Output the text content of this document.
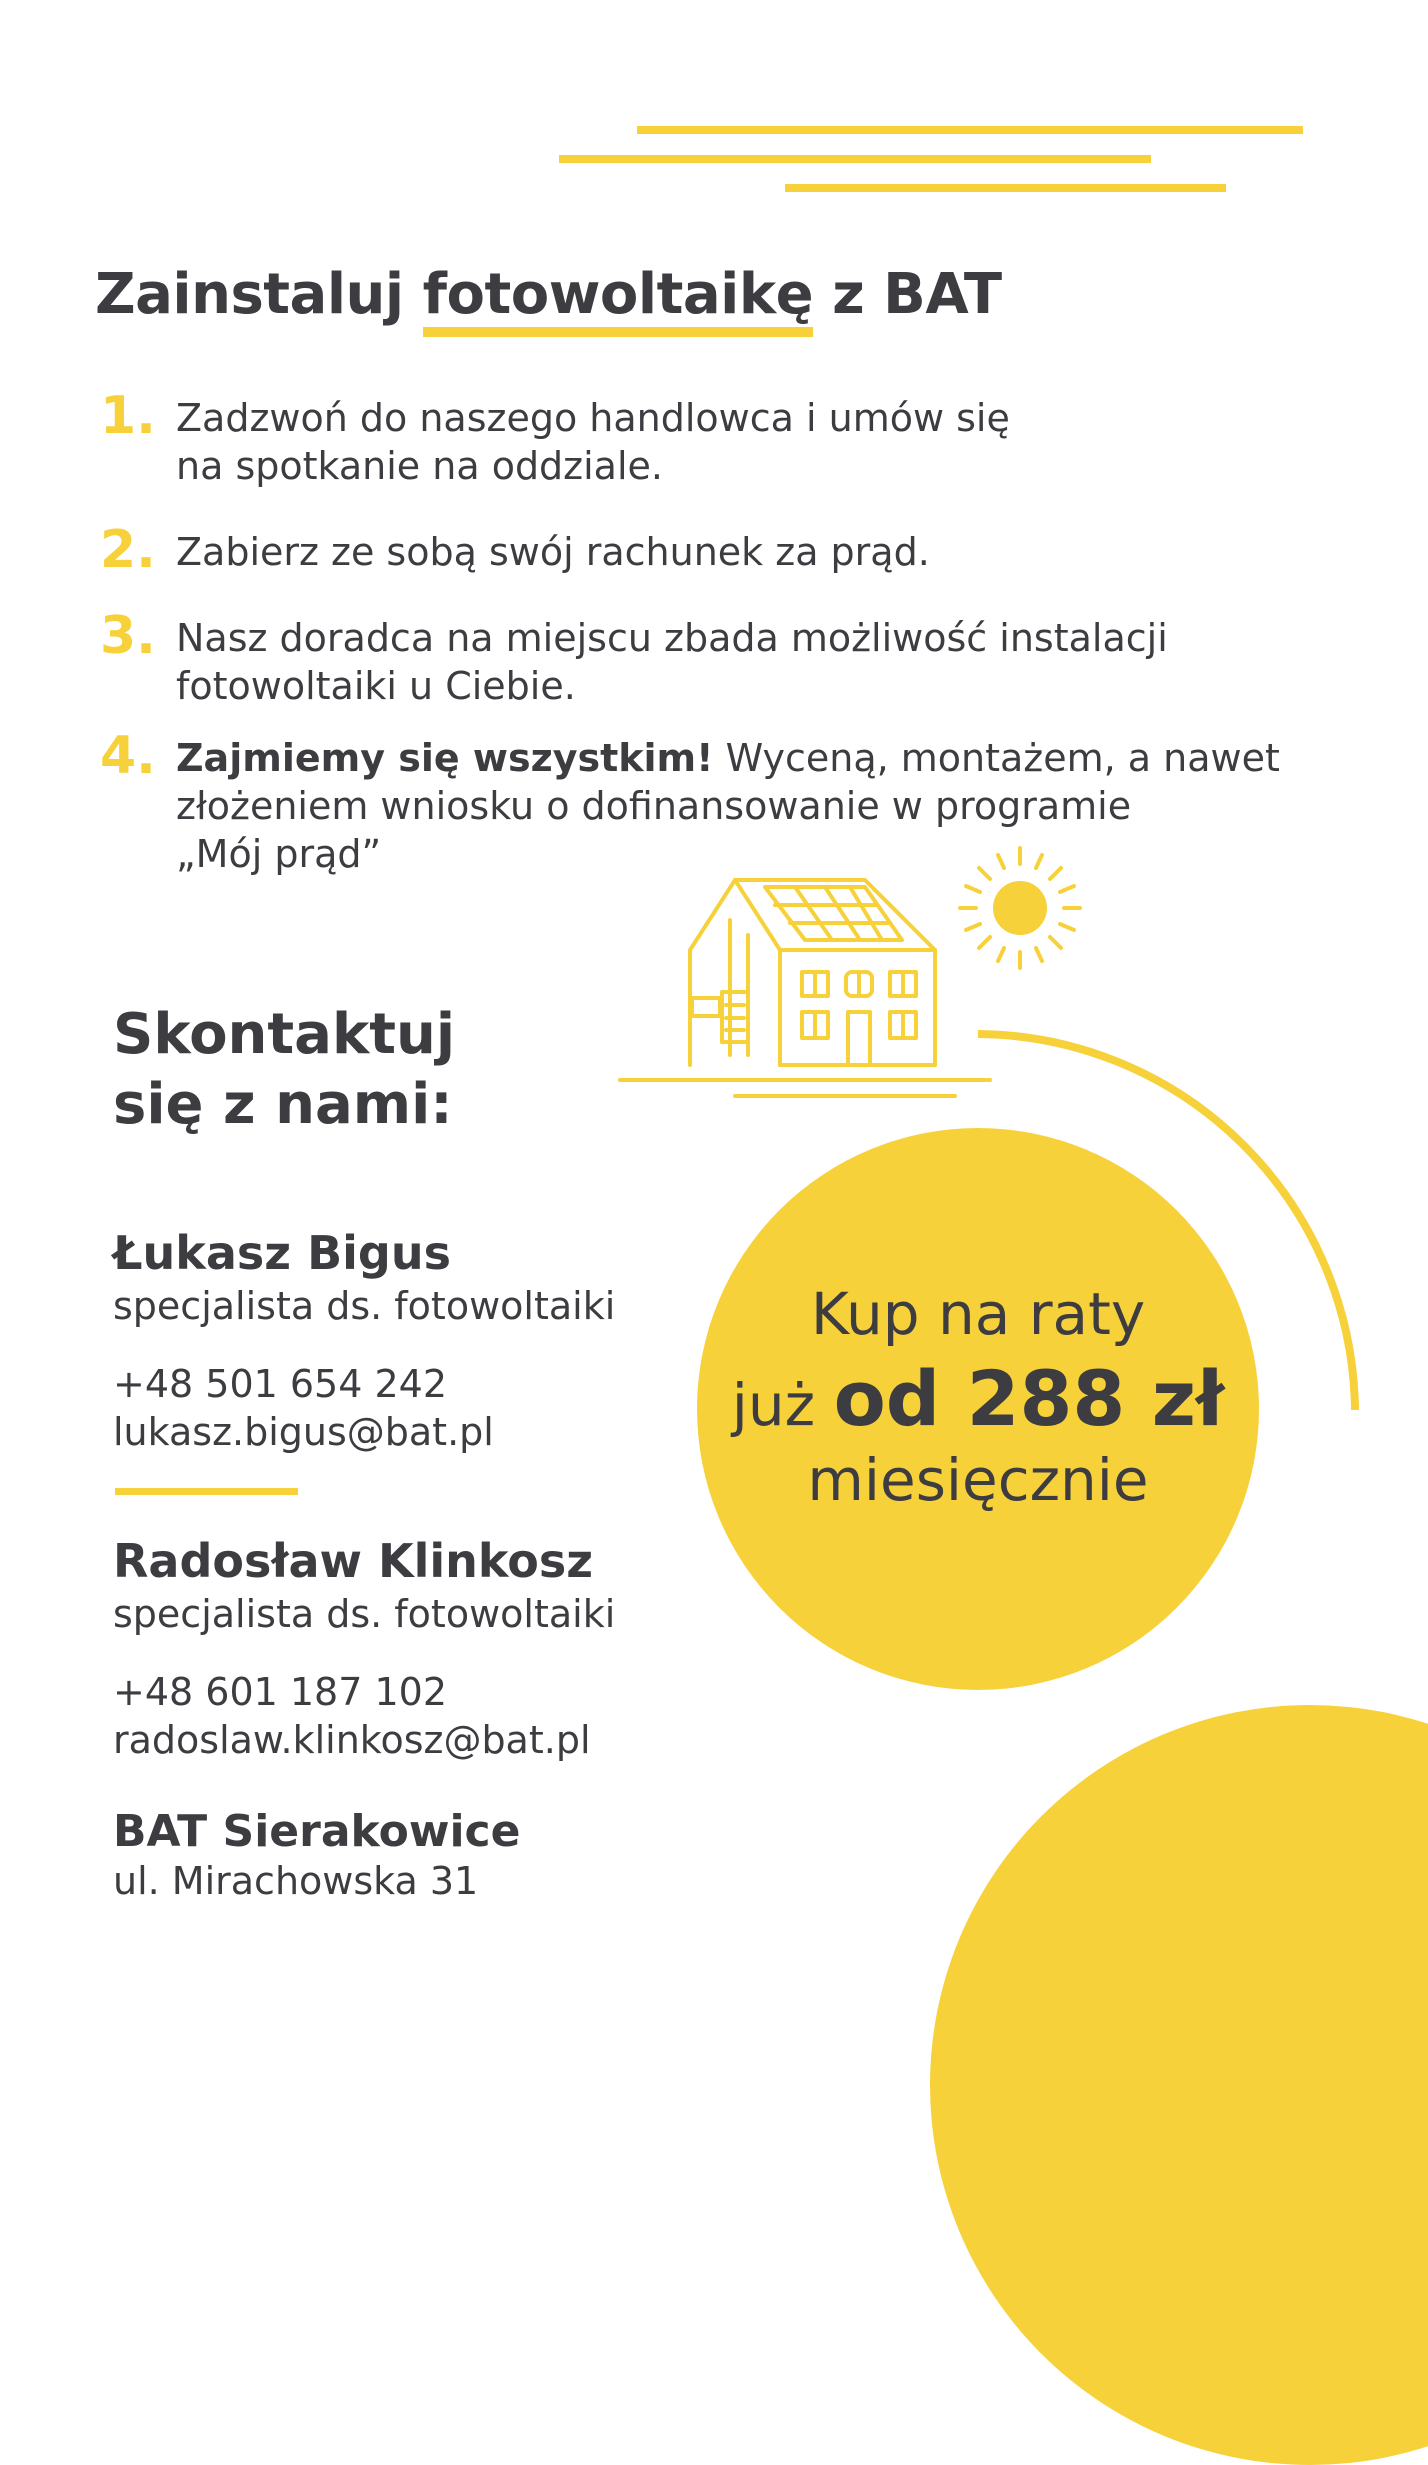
Zainstaluj fotowoltaikę z BAT
1. Zadzwoń do naszego handlowca i umów się
na spotkanie na oddziale.
2. Zabierz ze sobą swój rachunek za prąd.
3. Nasz doradca na miejscu zbada możliwość instalacji
fotowoltaiki u Ciebie.
4. Zajmiemy się wszystkim! Wyceną, montażem, a nawet
złożeniem wniosku o dofinansowanie w programie
„Mój prąd”
Skontaktuj
się z nami:
Łukasz Bigus
specjalista ds. fotowoltaiki
+48 501 654 242
lukasz.bigus@bat.pl
Radosław Klinkosz
specjalista ds. fotowoltaiki
+48 601 187 102
radoslaw.klinkosz@bat.pl
BAT Sierakowice
ul. Mirachowska 31
Kup na raty
już od 288 zł
miesięcznie
